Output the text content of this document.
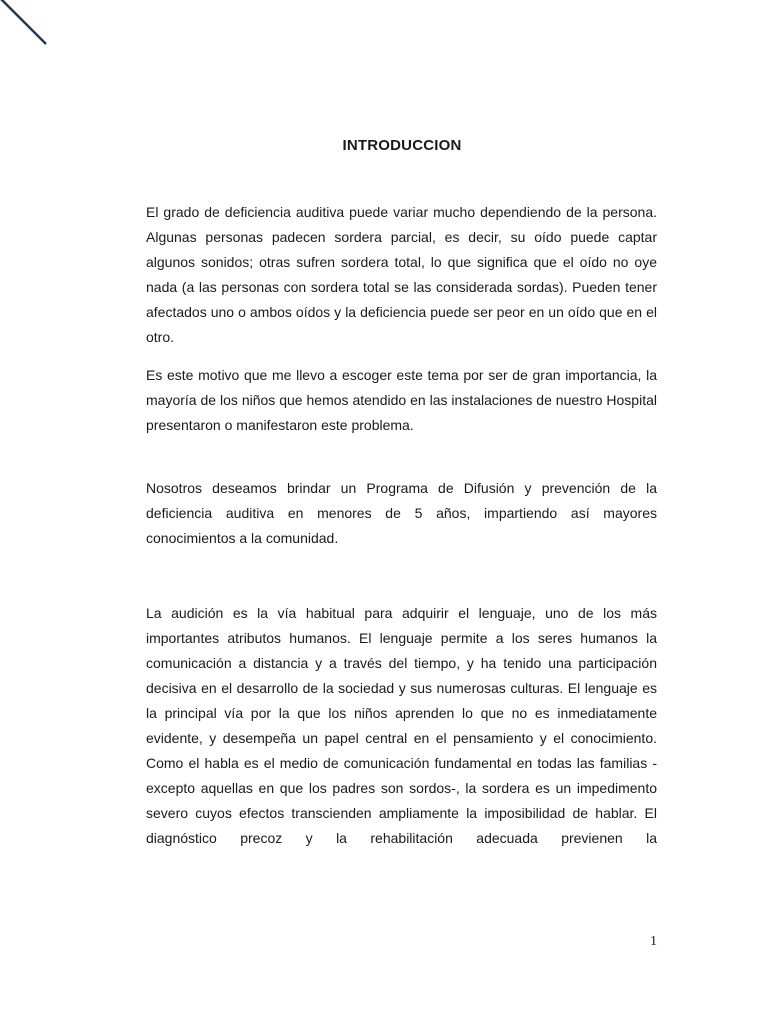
INTRODUCCION

El grado de deficiencia auditiva puede variar mucho dependiendo de la persona. Algunas personas padecen sordera parcial, es decir, su oído puede captar algunos sonidos; otras sufren sordera total, lo que significa que el oído no oye nada (a las personas con sordera total se las considerada sordas). Pueden tener afectados uno o ambos oídos y la deficiencia puede ser peor en un oído que en el otro.

Es este motivo que me llevo a escoger este tema por ser de gran importancia, la mayoría de los niños que hemos atendido en las instalaciones de nuestro Hospital presentaron o manifestaron este problema.

Nosotros deseamos brindar un Programa de Difusión y prevención de la deficiencia auditiva en menores de 5 años, impartiendo así mayores conocimientos a la comunidad.

La audición es la vía habitual para adquirir el lenguaje, uno de los más importantes atributos humanos. El lenguaje permite a los seres humanos la comunicación a distancia y a través del tiempo, y ha tenido una participación decisiva en el desarrollo de la sociedad y sus numerosas culturas. El lenguaje es la principal vía por la que los niños aprenden lo que no es inmediatamente evidente, y desempeña un papel central en el pensamiento y el conocimiento. Como el habla es el medio de comunicación fundamental en todas las familias -excepto aquellas en que los padres son sordos-, la sordera es un impedimento severo cuyos efectos transcienden ampliamente la imposibilidad de hablar. El diagnóstico precoz y la rehabilitación adecuada previenen la

1
